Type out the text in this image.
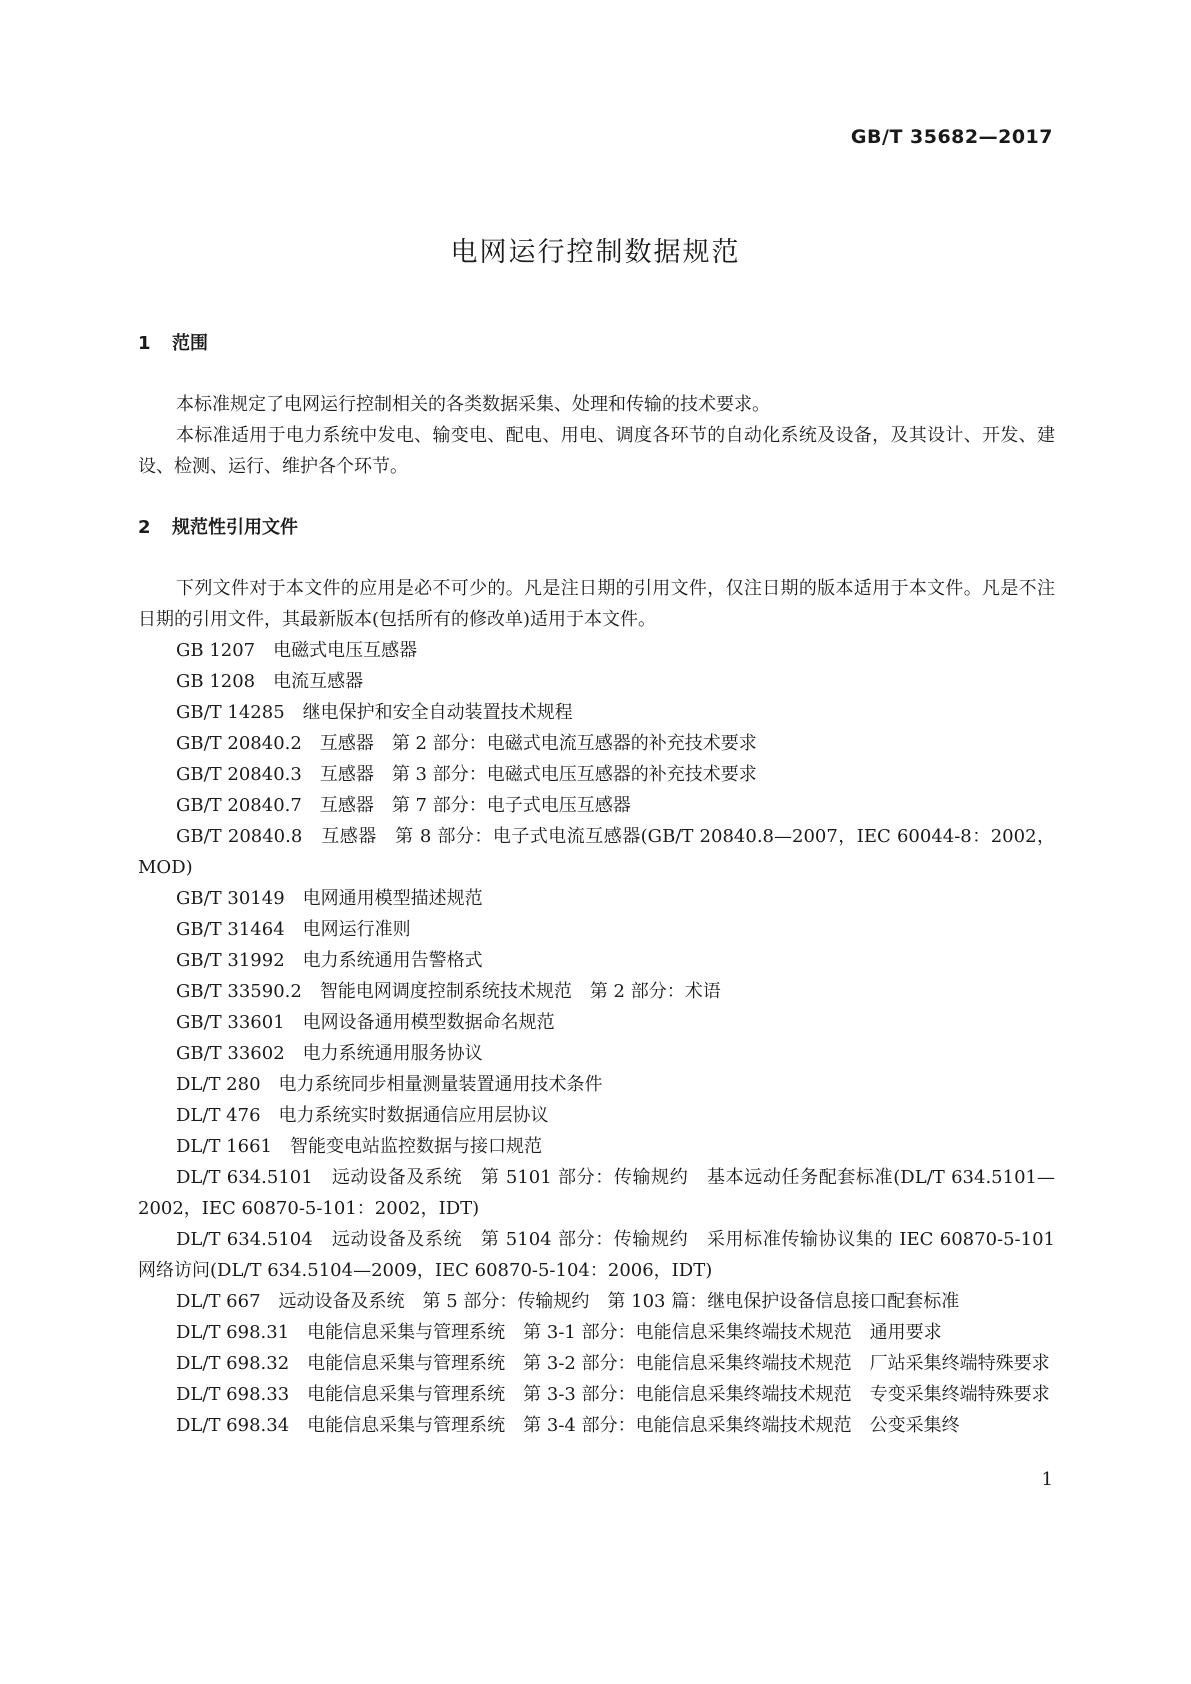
GB/T 35682—2017
电网运行控制数据规范
1 范围
本标准规定了电网运行控制相关的各类数据采集、处理和传输的技术要求。
本标准适用于电力系统中发电、输变电、配电、用电、调度各环节的自动化系统及设备，及其设计、开发、建设、检测、运行、维护各个环节。
2 规范性引用文件
下列文件对于本文件的应用是必不可少的。凡是注日期的引用文件，仅注日期的版本适用于本文件。凡是不注日期的引用文件，其最新版本(包括所有的修改单)适用于本文件。
GB 1207　电磁式电压互感器
GB 1208　电流互感器
GB/T 14285　继电保护和安全自动装置技术规程
GB/T 20840.2　互感器　第 2 部分：电磁式电流互感器的补充技术要求
GB/T 20840.3　互感器　第 3 部分：电磁式电压互感器的补充技术要求
GB/T 20840.7　互感器　第 7 部分：电子式电压互感器
GB/T 20840.8　互感器　第 8 部分：电子式电流互感器(GB/T 20840.8—2007，IEC 60044-8：2002，MOD)
GB/T 30149　电网通用模型描述规范
GB/T 31464　电网运行准则
GB/T 31992　电力系统通用告警格式
GB/T 33590.2　智能电网调度控制系统技术规范　第 2 部分：术语
GB/T 33601　电网设备通用模型数据命名规范
GB/T 33602　电力系统通用服务协议
DL/T 280　电力系统同步相量测量装置通用技术条件
DL/T 476　电力系统实时数据通信应用层协议
DL/T 1661　智能变电站监控数据与接口规范
DL/T 634.5101　远动设备及系统　第 5101 部分：传输规约　基本远动任务配套标准(DL/T 634.5101—2002，IEC 60870-5-101：2002，IDT)
DL/T 634.5104　远动设备及系统　第 5104 部分：传输规约　采用标准传输协议集的 IEC 60870-5-101 网络访问(DL/T 634.5104—2009，IEC 60870-5-104：2006，IDT)
DL/T 667　远动设备及系统　第 5 部分：传输规约　第 103 篇：继电保护设备信息接口配套标准
DL/T 698.31　电能信息采集与管理系统　第 3-1 部分：电能信息采集终端技术规范　通用要求
DL/T 698.32　电能信息采集与管理系统　第 3-2 部分：电能信息采集终端技术规范　厂站采集终端特殊要求
DL/T 698.33　电能信息采集与管理系统　第 3-3 部分：电能信息采集终端技术规范　专变采集终端特殊要求
DL/T 698.34　电能信息采集与管理系统　第 3-4 部分：电能信息采集终端技术规范　公变采集终
1
